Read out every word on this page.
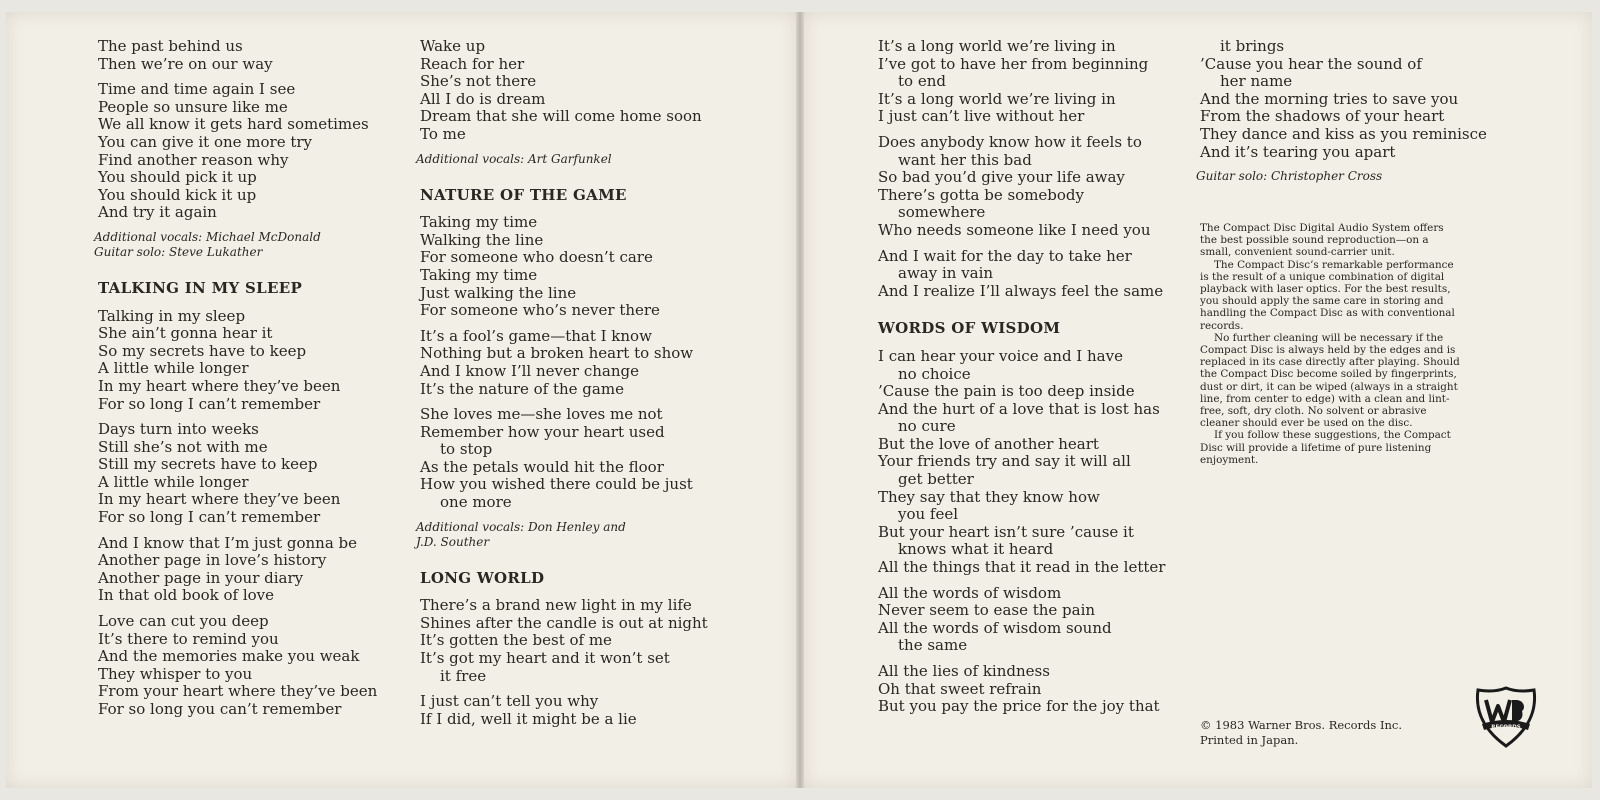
The past behind us
Then we’re on our way
Time and time again I see
People so unsure like me
We all know it gets hard sometimes
You can give it one more try
Find another reason why
You should pick it up
You should kick it up
And try it again
Additional vocals: Michael McDonald
Guitar solo: Steve Lukather
TALKING IN MY SLEEP
Talking in my sleep
She ain’t gonna hear it
So my secrets have to keep
A little while longer
In my heart where they’ve been
For so long I can’t remember
Days turn into weeks
Still she’s not with me
Still my secrets have to keep
A little while longer
In my heart where they’ve been
For so long I can’t remember
And I know that I’m just gonna be
Another page in love’s history
Another page in your diary
In that old book of love
Love can cut you deep
It’s there to remind you
And the memories make you weak
They whisper to you
From your heart where they’ve been
For so long you can’t remember
Wake up
Reach for her
She’s not there
All I do is dream
Dream that she will come home soon
To me
Additional vocals: Art Garfunkel
NATURE OF THE GAME
Taking my time
Walking the line
For someone who doesn’t care
Taking my time
Just walking the line
For someone who’s never there
It’s a fool’s game—that I know
Nothing but a broken heart to show
And I know I’ll never change
It’s the nature of the game
She loves me—she loves me not
Remember how your heart used
to stop
As the petals would hit the floor
How you wished there could be just
one more
Additional vocals: Don Henley and
J.D. Souther
LONG WORLD
There’s a brand new light in my life
Shines after the candle is out at night
It’s gotten the best of me
It’s got my heart and it won’t set
it free
I just can’t tell you why
If I did, well it might be a lie
It’s a long world we’re living in
I’ve got to have her from beginning
to end
It’s a long world we’re living in
I just can’t live without her
Does anybody know how it feels to
want her this bad
So bad you’d give your life away
There’s gotta be somebody
somewhere
Who needs someone like I need you
And I wait for the day to take her
away in vain
And I realize I’ll always feel the same
WORDS OF WISDOM
I can hear your voice and I have
no choice
’Cause the pain is too deep inside
And the hurt of a love that is lost has
no cure
But the love of another heart
Your friends try and say it will all
get better
They say that they know how
you feel
But your heart isn’t sure ’cause it
knows what it heard
All the things that it read in the letter
All the words of wisdom
Never seem to ease the pain
All the words of wisdom sound
the same
All the lies of kindness
Oh that sweet refrain
But you pay the price for the joy that
it brings
’Cause you hear the sound of
her name
And the morning tries to save you
From the shadows of your heart
They dance and kiss as you reminisce
And it’s tearing you apart
Guitar solo: Christopher Cross

The Compact Disc Digital Audio System offers the best possible sound reproduction—on a small, convenient sound-carrier unit.

The Compact Disc’s remarkable performance is the result of a unique combination of digital playback with laser optics. For the best results, you should apply the same care in storing and handling the Compact Disc as with conventional records.

No further cleaning will be necessary if the Compact Disc is always held by the edges and is replaced in its case directly after playing. Should the Compact Disc become soiled by fingerprints, dust or dirt, it can be wiped (always in a straight line, from center to edge) with a clean and lint-free, soft, dry cloth. No solvent or abrasive cleaner should ever be used on the disc.

If you follow these suggestions, the Compact Disc will provide a lifetime of pure listening enjoyment.

© 1983 Warner Bros. Records Inc.
Printed in Japan.
RECORDS
